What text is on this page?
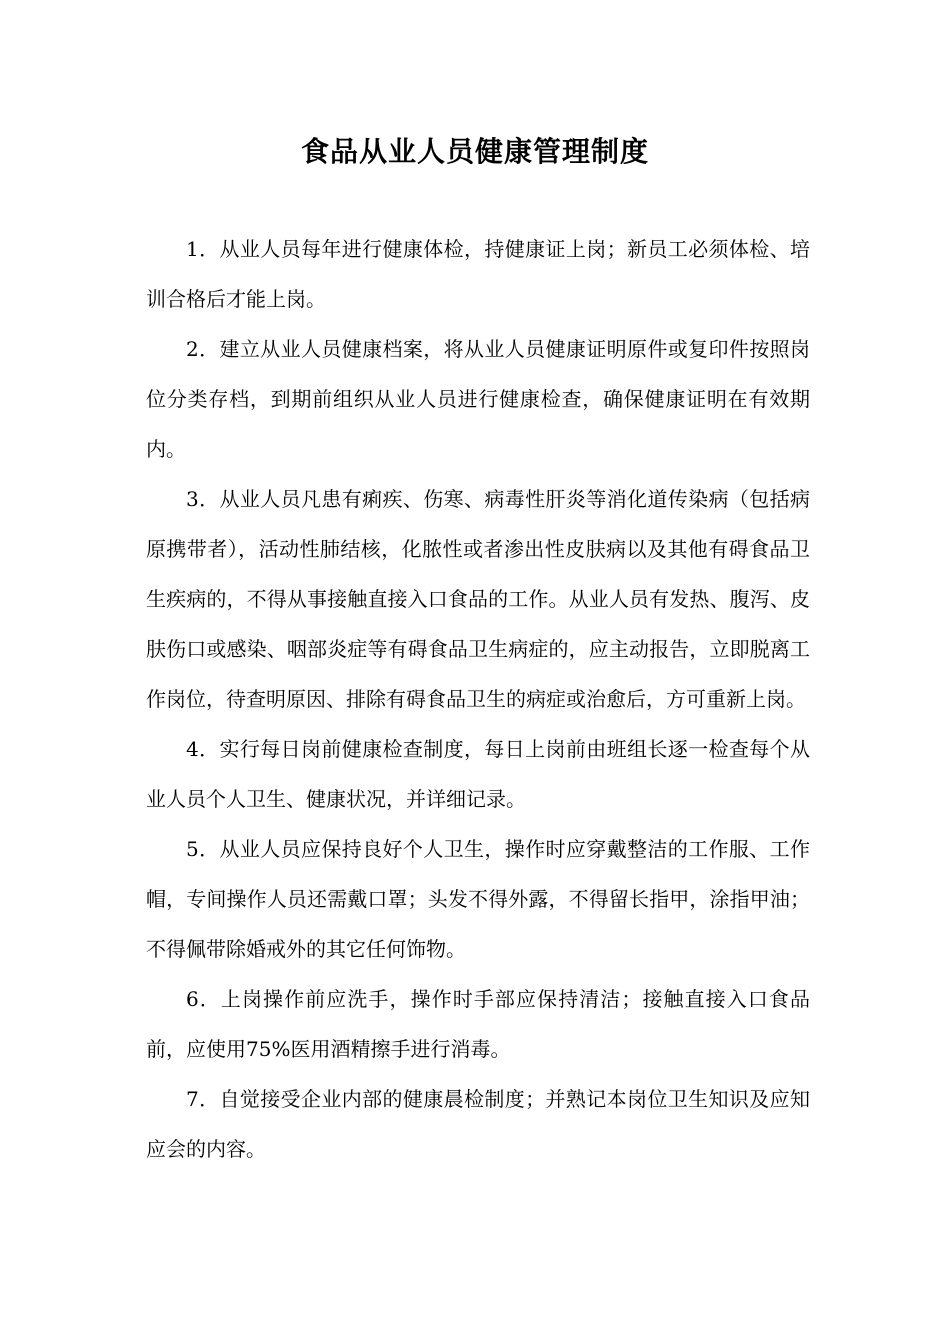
食品从业人员健康管理制度

1．从业人员每年进行健康体检，持健康证上岗；新员工必须体检、培训合格后才能上岗。

2．建立从业人员健康档案，将从业人员健康证明原件或复印件按照岗位分类存档，到期前组织从业人员进行健康检查，确保健康证明在有效期内。

3．从业人员凡患有痢疾、伤寒、病毒性肝炎等消化道传染病（包括病原携带者），活动性肺结核，化脓性或者渗出性皮肤病以及其他有碍食品卫生疾病的，不得从事接触直接入口食品的工作。从业人员有发热、腹泻、皮肤伤口或感染、咽部炎症等有碍食品卫生病症的，应主动报告，立即脱离工作岗位，待查明原因、排除有碍食品卫生的病症或治愈后，方可重新上岗。

4．实行每日岗前健康检查制度，每日上岗前由班组长逐一检查每个从业人员个人卫生、健康状况，并详细记录。

5．从业人员应保持良好个人卫生，操作时应穿戴整洁的工作服、工作帽，专间操作人员还需戴口罩；头发不得外露，不得留长指甲，涂指甲油；不得佩带除婚戒外的其它任何饰物。

6．上岗操作前应洗手，操作时手部应保持清洁；接触直接入口食品前，应使用75%医用酒精擦手进行消毒。

7．自觉接受企业内部的健康晨检制度；并熟记本岗位卫生知识及应知应会的内容。
